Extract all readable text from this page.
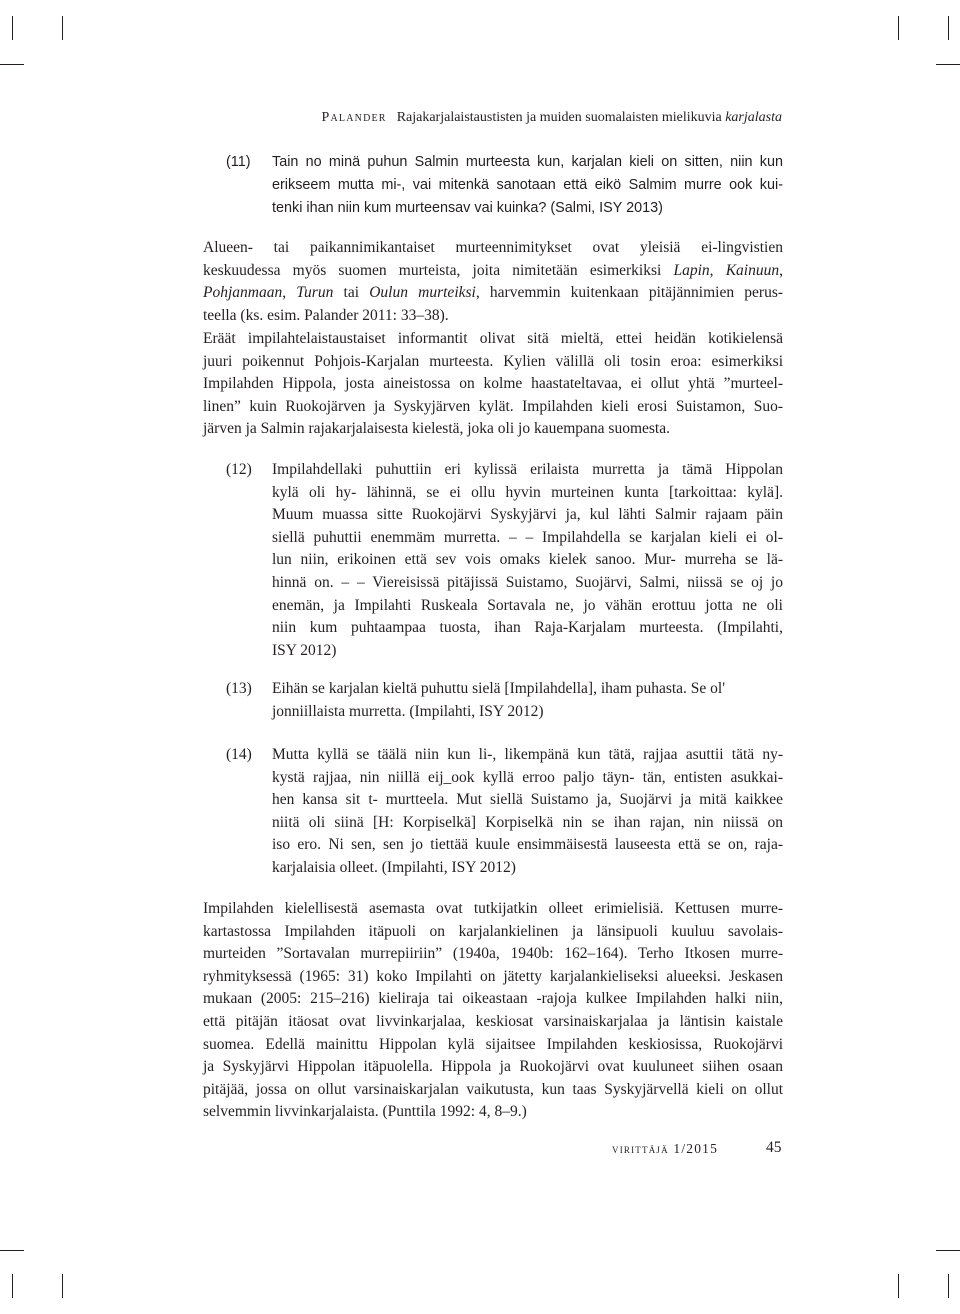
Palander Rajakarjalaistaustisten ja muiden suomalaisten mielikuvia karjalasta
(11) Tain no minä puhun Salmin murteesta kun, karjalan kieli on sitten, niin kun
erikseem mutta mi-, vai mitenkä sanotaan että eikö Salmim murre ook kui-
tenki ihan niin kum murteensav vai kuinka? (Salmi, ISY 2013)
Alueen- tai paikannimikantaiset murteennimitykset ovat yleisiä ei-lingvistien
keskuudessa myös suomen murteista, joita nimitetään esimerkiksi Lapin, Kainuun,
Pohjanmaan, Turun tai Oulun murteiksi, harvemmin kuitenkaan pitäjännimien perus-
teella (ks. esim. Palander 2011: 33–38).
Eräät impilahtelaistaustaiset informantit olivat sitä mieltä, ettei heidän kotikielensä
juuri poikennut Pohjois-Karjalan murteesta. Kylien välillä oli tosin eroa: esimerkiksi
Impilahden Hippola, josta aineistossa on kolme haastateltavaa, ei ollut yhtä ”murteel-
linen” kuin Ruokojärven ja Syskyjärven kylät. Impilahden kieli erosi Suistamon, Suo-
järven ja Salmin rajakarjalaisesta kielestä, joka oli jo kauempana suomesta.
(12) Impilahdellaki puhuttiin eri kylissä erilaista murretta ja tämä Hippolan
kylä oli hy- lähinnä, se ei ollu hyvin murteinen kunta [tarkoittaa: kylä].
Muum muassa sitte Ruokojärvi Syskyjärvi ja, kul lähti Salmir rajaam päin
siellä puhuttii enemmäm murretta. – – Impilahdella se karjalan kieli ei ol-
lun niin, erikoinen että sev vois omaks kielek sanoo. Mur- murreha se lä-
hinnä on. – – Viereisissä pitäjissä Suistamo, Suojärvi, Salmi, niissä se oj jo
enemän, ja Impilahti Ruskeala Sortavala ne, jo vähän erottuu jotta ne oli
niin kum puhtaampaa tuosta, ihan Raja-Karjalam murteesta. (Impilahti,
ISY 2012)
(13) Eihän se karjalan kieltä puhuttu sielä [Impilahdella], iham puhasta. Se ol'
jonniillaista murretta. (Impilahti, ISY 2012)
(14) Mutta kyllä se täälä niin kun li-, likempänä kun tätä, rajjaa asuttii tätä ny-
kystä rajjaa, nin niillä eij_ook kyllä erroo paljo täyn- tän, entisten asukkai-
hen kansa sit t- murtteela. Mut siellä Suistamo ja, Suojärvi ja mitä kaikkee
niitä oli siinä [H: Korpiselkä] Korpiselkä nin se ihan rajan, nin niissä on
iso ero. Ni sen, sen jo tiettää kuule ensimmäisestä lauseesta että se on, raja-
karjalaisia olleet. (Impilahti, ISY 2012)
Impilahden kielellisestä asemasta ovat tutkijatkin olleet erimielisiä. Kettusen murre-
kartastossa Impilahden itäpuoli on karjalankielinen ja länsipuoli kuuluu savolais-
murteiden ”Sortavalan murrepiiriin” (1940a, 1940b: 162–164). Terho Itkosen murre-
ryhmityksessä (1965: 31) koko Impilahti on jätetty karjalankieliseksi alueeksi. Jeskasen
mukaan (2005: 215–216) kieliraja tai oikeastaan -rajoja kulkee Impilahden halki niin,
että pitäjän itäosat ovat livvinkarjalaa, keskiosat varsinaiskarjalaa ja läntisin kaistale
suomea. Edellä mainittu Hippolan kylä sijaitsee Impilahden keskiosissa, Ruokojärvi
ja Syskyjärvi Hippolan itäpuolella. Hippola ja Ruokojärvi ovat kuuluneet siihen osaan
pitäjää, jossa on ollut varsinaiskarjalan vaikutusta, kun taas Syskyjärvellä kieli on ollut
selvemmin livvinkarjalaista. (Punttila 1992: 4, 8–9.)
virittäjä 1/2015	45
